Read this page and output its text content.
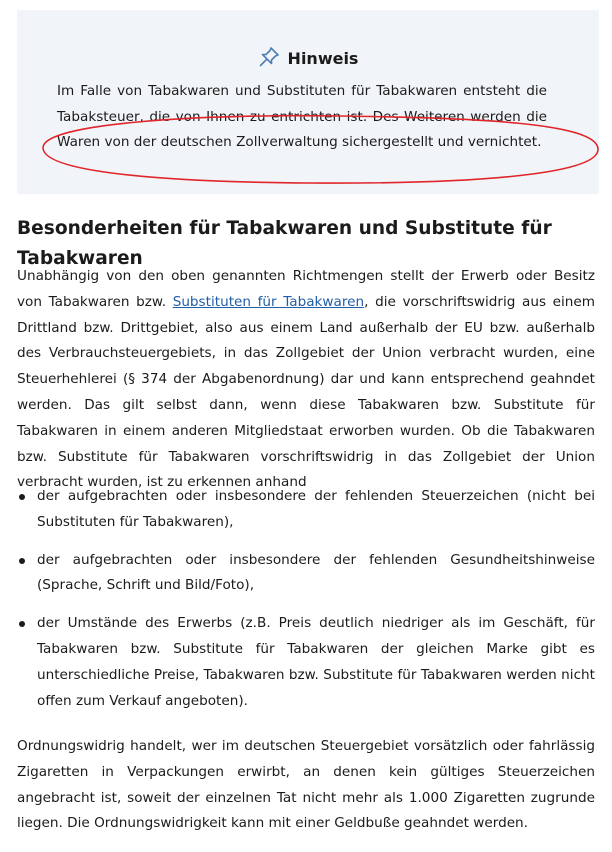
Hinweis
Im Falle von Tabakwaren und Substituten für Tabakwaren entsteht die Tabaksteuer, die von Ihnen zu entrichten ist. Des Weiteren werden die Waren von der deutschen Zollverwaltung sichergestellt und vernichtet.
Besonderheiten für Tabakwaren und Substitute für Tabakwaren

Unabhängig von den oben genannten Richtmengen stellt der Erwerb oder Besitz von Tabakwaren bzw. Substituten für Tabakwaren, die vorschriftswidrig aus einem Drittland bzw. Drittgebiet, also aus einem Land außerhalb der EU bzw. außerhalb des Verbrauchsteuergebiets, in das Zollgebiet der Union verbracht wurden, eine Steuerhehlerei (§ 374 der Abgabenordnung) dar und kann entsprechend geahndet werden. Das gilt selbst dann, wenn diese Tabakwaren bzw. Substitute für Tabakwaren in einem anderen Mitgliedstaat erworben wurden. Ob die Tabakwaren bzw. Substitute für Tabakwaren vorschriftswidrig in das Zollgebiet der Union verbracht wurden, ist zu erkennen anhand

der aufgebrachten oder insbesondere der fehlenden Steuerzeichen (nicht bei Substituten für Tabakwaren),
der aufgebrachten oder insbesondere der fehlenden Gesundheitshinweise (Sprache, Schrift und Bild/Foto),
der Umstände des Erwerbs (z.B. Preis deutlich niedriger als im Geschäft, für Tabakwaren bzw. Substitute für Tabakwaren der gleichen Marke gibt es unterschiedliche Preise, Tabakwaren bzw. Substitute für Tabakwaren werden nicht offen zum Verkauf angeboten).

Ordnungswidrig handelt, wer im deutschen Steuergebiet vorsätzlich oder fahrlässig Zigaretten in Verpackungen erwirbt, an denen kein gültiges Steuerzeichen angebracht ist, soweit der einzelnen Tat nicht mehr als 1.000 Zigaretten zugrunde liegen. Die Ordnungswidrigkeit kann mit einer Geldbuße geahndet werden.
